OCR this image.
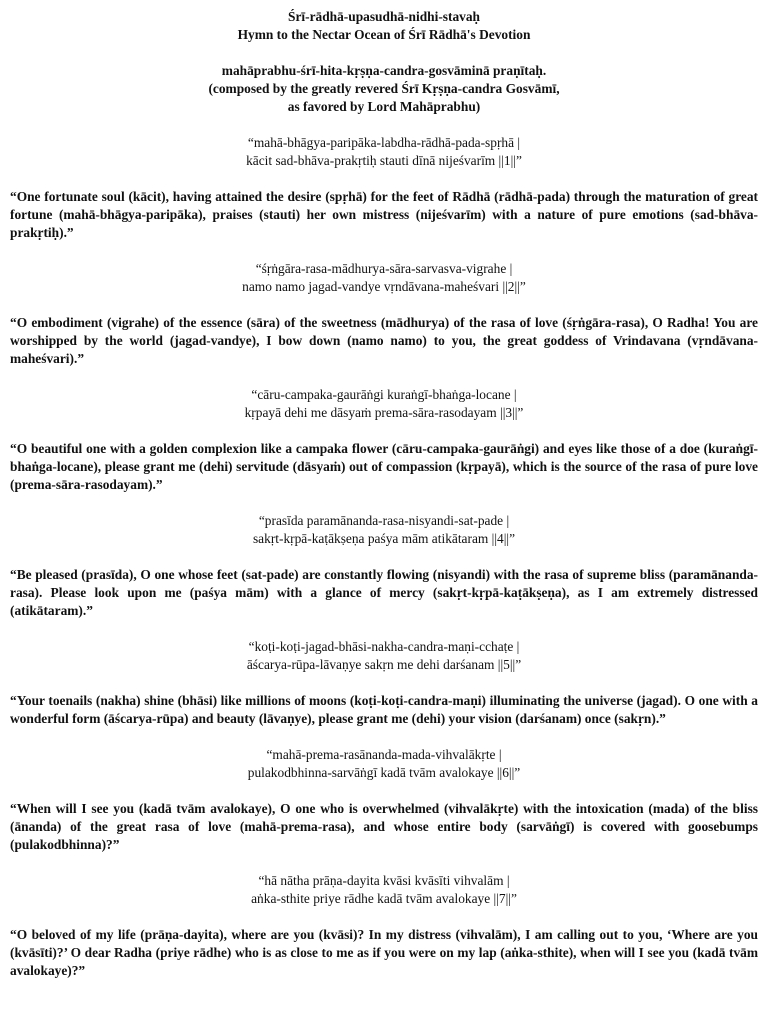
Śrī-rādhā-upasudhā-nidhi-stavaḥ
Hymn to the Nectar Ocean of Śrī Rādhā's Devotion
mahāprabhu-śrī-hita-kṛṣṇa-candra-gosvāminā praṇītaḥ.
(composed by the greatly revered Śrī Kṛṣṇa-candra Gosvāmī,
as favored by Lord Mahāprabhu)
“mahā-bhāgya-paripāka-labdha-rādhā-pada-spṛhā |
kācit sad-bhāva-prakṛtiḥ stauti dīnā nijeśvarīm ||1||”

“One fortunate soul (kācit), having attained the desire (spṛhā) for the feet of Rādhā (rādhā-pada) through the maturation of great fortune (mahā-bhāgya-paripāka), praises (stauti) her own mistress (nijeśvarīm) with a nature of pure emotions (sad-bhāva-prakṛtiḥ).”

“śṛṅgāra-rasa-mādhurya-sāra-sarvasva-vigrahe |
namo namo jagad-vandye vṛndāvana-maheśvari ||2||”

“O embodiment (vigrahe) of the essence (sāra) of the sweetness (mādhurya) of the rasa of love (śṛṅgāra-rasa), O Radha! You are worshipped by the world (jagad-vandye), I bow down (namo namo) to you, the great goddess of Vrindavana (vṛndāvana-maheśvari).”

“cāru-campaka-gaurāṅgi kuraṅgī-bhaṅga-locane |
kṛpayā dehi me dāsyaṁ prema-sāra-rasodayam ||3||”

“O beautiful one with a golden complexion like a campaka flower (cāru-campaka-gaurāṅgi) and eyes like those of a doe (kuraṅgī-bhaṅga-locane), please grant me (dehi) servitude (dāsyaṁ) out of compassion (kṛpayā), which is the source of the rasa of pure love (prema-sāra-rasodayam).”

“prasīda paramānanda-rasa-nisyandi-sat-pade |
sakṛt-kṛpā-kaṭākṣeṇa paśya mām atikātaram ||4||”

“Be pleased (prasīda), O one whose feet (sat-pade) are constantly flowing (nisyandi) with the rasa of supreme bliss (paramānanda-rasa). Please look upon me (paśya mām) with a glance of mercy (sakṛt-kṛpā-kaṭākṣeṇa), as I am extremely distressed (atikātaram).”

“koṭi-koṭi-jagad-bhāsi-nakha-candra-maṇi-cchaṭe |
āścarya-rūpa-lāvaṇye sakṛn me dehi darśanam ||5||”

“Your toenails (nakha) shine (bhāsi) like millions of moons (koṭi-koṭi-candra-maṇi) illuminating the universe (jagad). O one with a wonderful form (āścarya-rūpa) and beauty (lāvaṇye), please grant me (dehi) your vision (darśanam) once (sakṛn).”

“mahā-prema-rasānanda-mada-vihvalākṛte |
pulakodbhinna-sarvāṅgī kadā tvām avalokaye ||6||”

“When will I see you (kadā tvām avalokaye), O one who is overwhelmed (vihvalākṛte) with the intoxication (mada) of the bliss (ānanda) of the great rasa of love (mahā-prema-rasa), and whose entire body (sarvāṅgī) is covered with goosebumps (pulakodbhinna)?”

“hā nātha prāṇa-dayita kvāsi kvāsīti vihvalām |
aṅka-sthite priye rādhe kadā tvām avalokaye ||7||”

“O beloved of my life (prāṇa-dayita), where are you (kvāsi)? In my distress (vihvalām), I am calling out to you, ‘Where are you (kvāsīti)?’ O dear Radha (priye rādhe) who is as close to me as if you were on my lap (aṅka-sthite), when will I see you (kadā tvām avalokaye)?”
